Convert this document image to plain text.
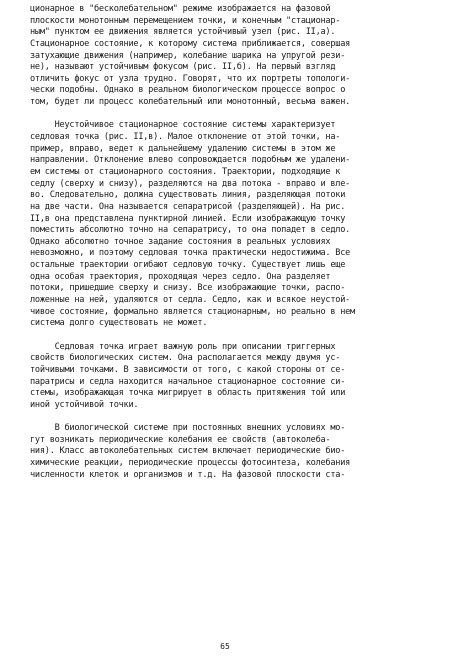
ционарное в "бесколебательном" режиме изображается на фазовой
плоскости монотонным перемещением точки, и конечным "стационар-
ным" пунктом ее движения является устойчивый узел (рис. II,а).
Стационарное состояние, к которому система приближается, совершая
затухающие движения (например, колебание шарика на упругой рези-
не), называют устойчивым фокусом (рис. II,б). На первый взгляд
отличить фокус от узла трудно. Говорят, что их портреты топологи-
чески подобны. Однако в реальном биологическом процессе вопрос о
том, будет ли процесс колебательный или монотонный, весьма важен.
Неустойчивое стационарное состояние системы характеризует
седловая точка (рис. II,в). Малое отклонение от этой точки, на-
пример, вправо, ведет к дальнейшему удалению системы в этом же
направлении. Отклонение влево сопровождается подобным же удалени-
ем системы от стационарного состояния. Траектории, подходящие к
седлу (сверху и снизу), разделяются на два потока - вправо и вле-
во. Следовательно, должна существовать линия, разделяющая потоки
на две части. Она называется сепаратрисой (разделяющей). На рис.
II,в она представлена пунктирной линией. Если изображающую точку
поместить абсолютно точно на сепаратрису, то она попадет в седло.
Однако абсолютно точное задание состояния в реальных условиях
невозможно, и поэтому седловая точка практически недостижима. Все
остальные траектории огибают седловую точку. Существует лишь еще
одна особая траектория, проходящая через седло. Она разделяет
потоки, пришедшие сверху и снизу. Все изображающие точки, распо-
ложенные на ней, удаляются от седла. Седло, как и всякое неустой-
чивое состояние, формально является стационарным, но реально в нем
система долго существовать не может.
Седловая точка играет важную роль при описании триггерных
свойств биологических систем. Она располагается между двумя ус-
тойчивыми точками. В зависимости от того, с какой стороны от се-
паратрисы и седла находится начальное стационарное состояние си-
стемы, изображающая точка мигрирует в область притяжения той или
иной устойчивой точки.
В биологической системе при постоянных внешних условиях мо-
гут возникать периодические колебания ее свойств (автоколеба-
ния). Класс автоколебательных систем включает периодические био-
химические реакции, периодические процессы фотосинтеза, колебания
численности клеток и организмов и т.д. На фазовой плоскости ста-
65
